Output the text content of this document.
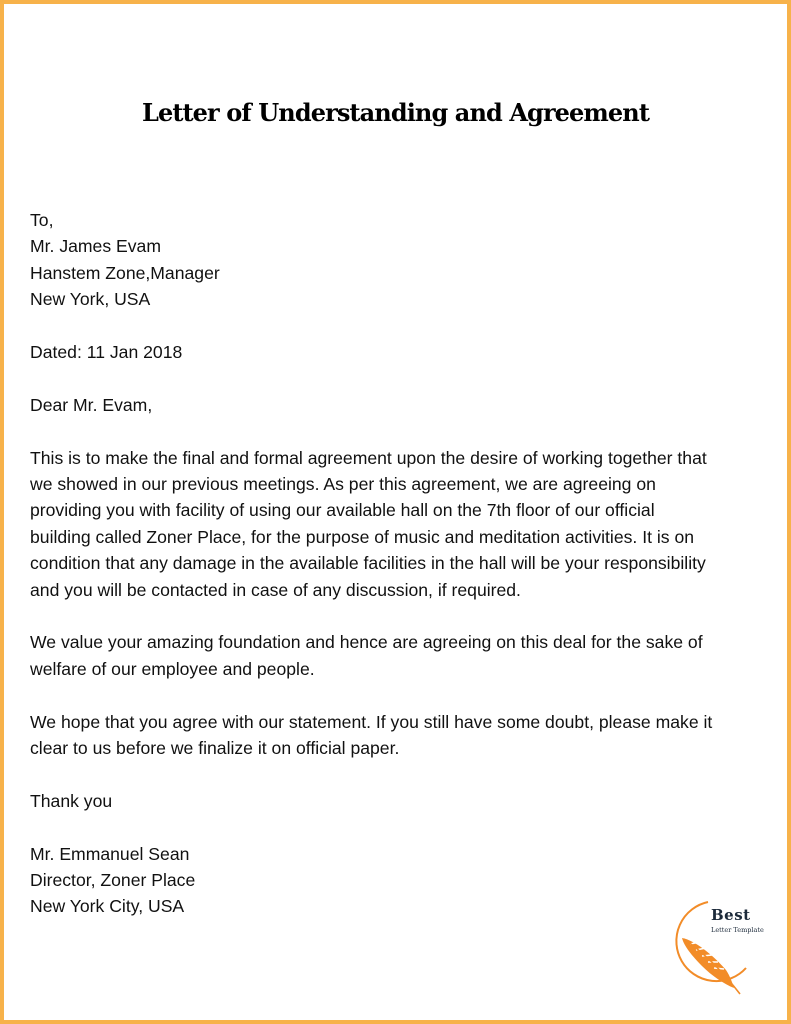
Letter of Understanding and Agreement
To,
Mr. James Evam
Hanstem Zone,Manager
New York, USA
Dated: 11 Jan 2018
Dear Mr. Evam,
This is to make the final and formal agreement upon the desire of working together that
we showed in our previous meetings. As per this agreement, we are agreeing on
providing you with facility of using our available hall on the 7th floor of our official
building called Zoner Place, for the purpose of music and meditation activities. It is on
condition that any damage in the available facilities in the hall will be your responsibility
and you will be contacted in case of any discussion, if required.
We value your amazing foundation and hence are agreeing on this deal for the sake of
welfare of our employee and people.
We hope that you agree with our statement. If you still have some doubt, please make it
clear to us before we finalize it on official paper.
Thank you
Mr. Emmanuel Sean
Director, Zoner Place
New York City, USA	Best
Letter Template
